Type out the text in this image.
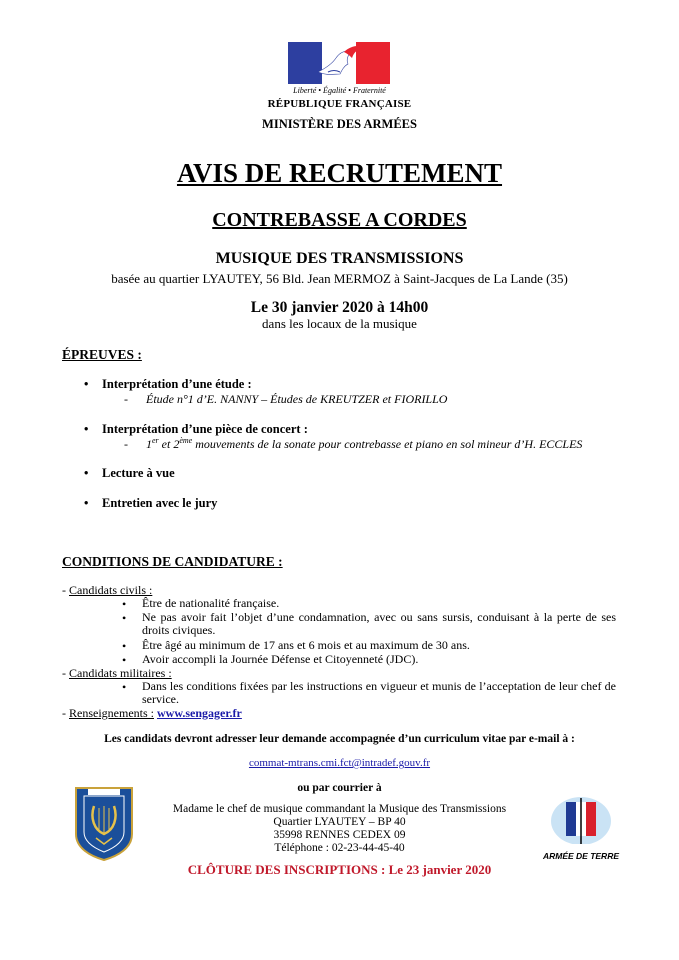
Liberté • Égalité • Fraternité
RÉPUBLIQUE FRANÇAISE
MINISTÈRE DES ARMÉES
AVIS DE RECRUTEMENT
CONTREBASSE A CORDES
MUSIQUE DES TRANSMISSIONS
basée au quartier LYAUTEY, 56 Bld. Jean MERMOZ à Saint-Jacques de La Lande (35)
Le 30 janvier 2020 à 14h00
dans les locaux de la musique
ÉPREUVES :
Interprétation d’une étude :
- Étude n°1 d’E. NANNY – Études de KREUTZER et FIORILLO
Interprétation d’une pièce de concert :
- 1er et 2ème mouvements de la sonate pour contrebasse et piano en sol mineur d’H. ECCLES
Lecture à vue
Entretien avec le jury
CONDITIONS DE CANDIDATURE :
- Candidats civils :
Être de nationalité française.
Ne pas avoir fait l’objet d’une condamnation, avec ou sans sursis, conduisant à la perte de ses droits civiques.
Être âgé au minimum de 17 ans et 6 mois et au maximum de 30 ans.
Avoir accompli la Journée Défense et Citoyenneté (JDC).
- Candidats militaires :
Dans les conditions fixées par les instructions en vigueur et munis de l’acceptation de leur chef de service.
- Renseignements : www.sengager.fr
Les candidats devront adresser leur demande accompagnée d’un curriculum vitae par e-mail à :
commat-mtrans.cmi.fct@intradef.gouv.fr
ou par courrier à
Madame le chef de musique commandant la Musique des Transmissions
Quartier LYAUTEY – BP 40
35998 RENNES CEDEX 09
Téléphone : 02-23-44-45-40
CLÔTURE DES INSCRIPTIONS : Le 23 janvier 2020
ARMÉE DE TERRE
